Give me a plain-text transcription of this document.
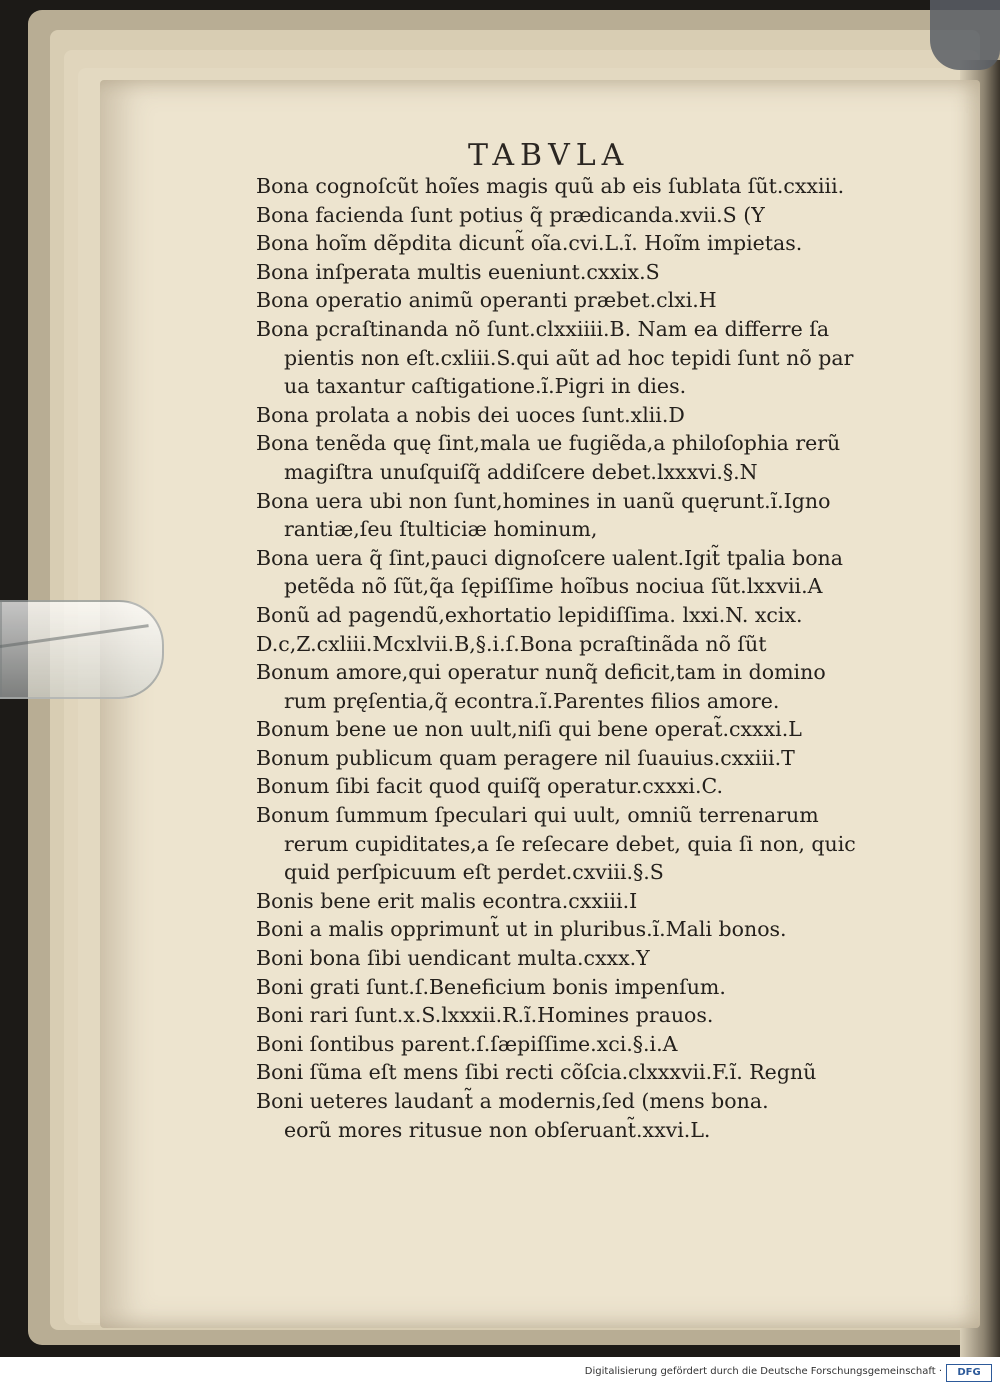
TABVLA
Bona cognoſcũt hoĩes magis quũ ab eis ſublata ſũt.cxxiii.
Bona facienda ſunt potius q̃ prædicanda.xvii.S (Y
Bona hoĩm dẽpdita dicunt̃ oĩa.cvi.L.ĩ. Hoĩm impietas.
Bona inſperata multis eueniunt.cxxix.S
Bona operatio animũ operanti præbet.clxi.H
Bona pcraſtinanda nõ ſunt.clxxiiii.B. Nam ea differre ſa
pientis non eſt.cxliii.S.qui aũt ad hoc tepidi ſunt nõ par
ua taxantur caſtigatione.ĩ.Pigri in dies.
Bona prolata a nobis dei uoces ſunt.xlii.D
Bona tenẽda quę ſint,mala ue fugiẽda,a philoſophia rerũ
magiſtra unuſquiſq̃ addiſcere debet.lxxxvi.§.N
Bona uera ubi non ſunt,homines in uanũ quęrunt.ĩ.Igno
rantiæ,ſeu ſtulticiæ hominum,
Bona uera q̃ ſint,pauci dignoſcere ualent.Igit̃ tpalia bona
petẽda nõ ſũt,q̃a ſępiſſime hoĩbus nociua ſũt.lxxvii.A
Bonũ ad pagendũ,exhortatio lepidiſſima. lxxi.N. xcix.
D.c,Z.cxliii.Mcxlvii.B,§.i.ſ.Bona pcraſtinãda nõ ſũt
Bonum amore,qui operatur nunq̃ deficit,tam in domino
rum pręſentia,q̃ econtra.ĩ.Parentes filios amore.
Bonum bene ue non uult,niſi qui bene operat̃.cxxxi.L
Bonum publicum quam peragere nil ſuauius.cxxiii.T
Bonum ſibi facit quod quiſq̃ operatur.cxxxi.C.
Bonum ſummum ſpeculari qui uult, omniũ terrenarum
rerum cupiditates,a ſe reſecare debet, quia ſi non, quic
quid perſpicuum eſt perdet.cxviii.§.S
Bonis bene erit malis econtra.cxxiii.I
Boni a malis opprimunt̃ ut in pluribus.ĩ.Mali bonos.
Boni bona ſibi uendicant multa.cxxx.Y
Boni grati ſunt.ſ.Beneficium bonis impenſum.
Boni rari ſunt.x.S.lxxxii.R.ĩ.Homines prauos.
Boni ſontibus parent.ſ.ſæpiſſime.xci.§.i.A
Boni ſũma eſt mens ſibi recti cõſcia.clxxxvii.F.ĩ. Regnũ
Boni ueteres laudant̃ a modernis,ſed (mens bona.
eorũ mores ritusue non obſeruant̃.xxvi.L.
Digitalisierung gefördert durch die Deutsche Forschungsgemeinschaft ·	DFG
